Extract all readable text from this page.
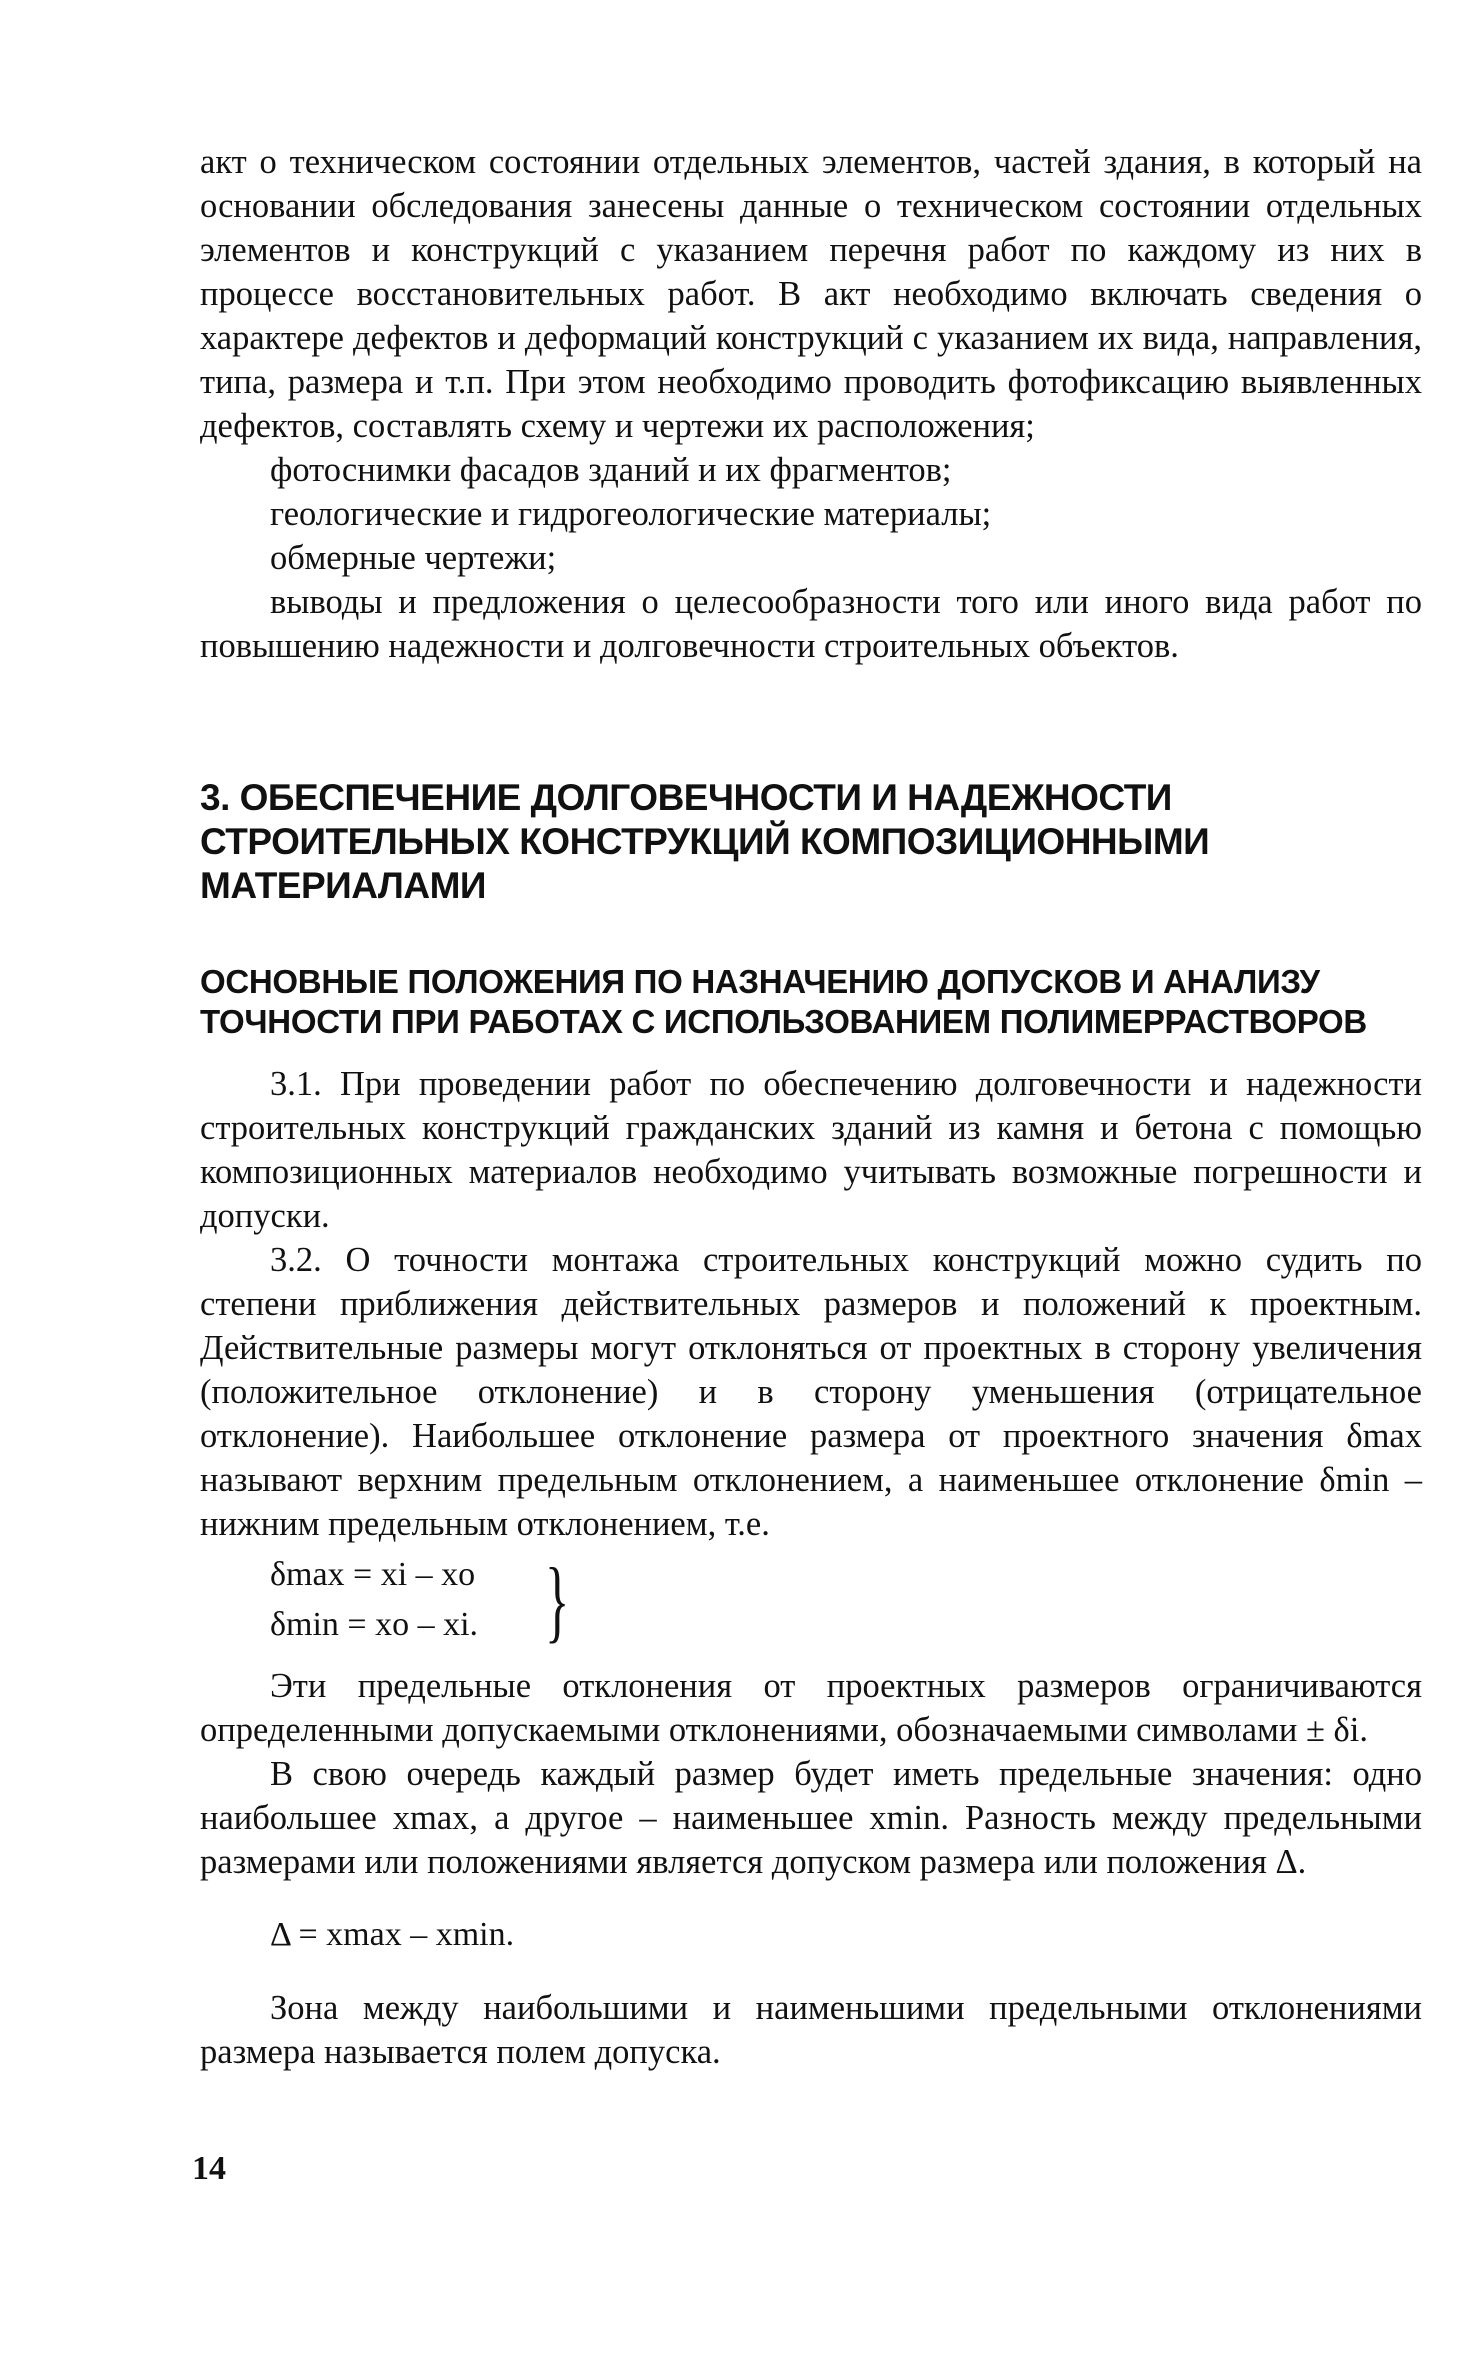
акт о техническом состоянии отдельных элементов, частей здания, в который на основании обследования занесены данные о техническом состоянии отдельных элементов и конструкций с указанием перечня работ по каждому из них в процессе восстановительных работ. В акт необходимо включать сведения о характере дефектов и деформаций конструкций с указанием их вида, направления, типа, размера и т.п. При этом необходимо проводить фотофиксацию выявленных дефектов, составлять схему и чертежи их расположения;

фотоснимки фасадов зданий и их фрагментов;

геологические и гидрогеологические материалы;

обмерные чертежи;

выводы и предложения о целесообразности того или иного вида работ по повышению надежности и долговечности строительных объектов.

3. ОБЕСПЕЧЕНИЕ ДОЛГОВЕЧНОСТИ И НАДЕЖНОСТИ СТРОИТЕЛЬНЫХ КОНСТРУКЦИЙ КОМПОЗИЦИОННЫМИ МАТЕРИАЛАМИ
ОСНОВНЫЕ ПОЛОЖЕНИЯ ПО НАЗНАЧЕНИЮ ДОПУСКОВ И АНАЛИЗУ ТОЧНОСТИ ПРИ РАБОТАХ С ИСПОЛЬЗОВАНИЕМ ПОЛИМЕРРАСТВОРОВ

3.1. При проведении работ по обеспечению долговечности и надежности строительных конструкций гражданских зданий из камня и бетона с помощью композиционных материалов необходимо учитывать возможные погрешности и допуски.

3.2. О точности монтажа строительных конструкций можно судить по степени приближения действительных размеров и положений к проектным. Действительные размеры могут отклоняться от проектных в сторону увеличения (положительное отклонение) и в сторону уменьшения (отрицательное отклонение). Наибольшее отклонение размера от проектного значения δmax называют верхним предельным отклонением, а наименьшее отклонение δmin – нижним предельным отклонением, т.е.

δmax = xi – xo
δmin = xo – xi. }

Эти предельные отклонения от проектных размеров ограничиваются определенными допускаемыми отклонениями, обозначаемыми символами ± δi.

В свою очередь каждый размер будет иметь предельные значения: одно наибольшее xmax, а другое – наименьшее xmin. Разность между предельными размерами или положениями является допуском размера или положения Δ.

Δ = xmax – xmin.

Зона между наибольшими и наименьшими предельными отклонениями размера называется полем допуска.

14
